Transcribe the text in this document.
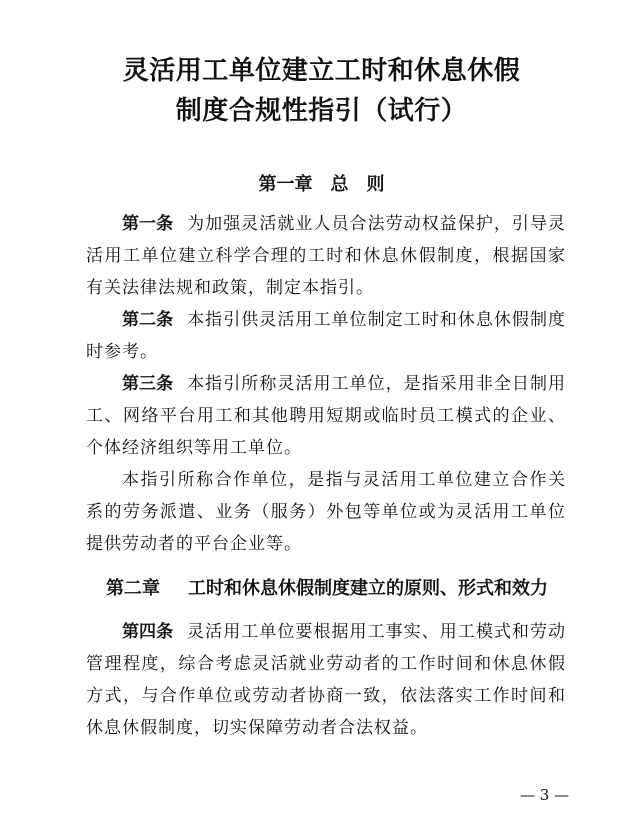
灵活用工单位建立工时和休息休假
制度合规性指引（试行）
第一章　总　则

第一条 为加强灵活就业人员合法劳动权益保护，引导灵活用工单位建立科学合理的工时和休息休假制度，根据国家有关法律法规和政策，制定本指引。

第二条 本指引供灵活用工单位制定工时和休息休假制度时参考。

第三条 本指引所称灵活用工单位，是指采用非全日制用工、网络平台用工和其他聘用短期或临时员工模式的企业、个体经济组织等用工单位。

本指引所称合作单位，是指与灵活用工单位建立合作关系的劳务派遣、业务（服务）外包等单位或为灵活用工单位提供劳动者的平台企业等。

第二章 工时和休息休假制度建立的原则、形式和效力

第四条 灵活用工单位要根据用工事实、用工模式和劳动管理程度，综合考虑灵活就业劳动者的工作时间和休息休假方式，与合作单位或劳动者协商一致，依法落实工作时间和休息休假制度，切实保障劳动者合法权益。

— 3 —
